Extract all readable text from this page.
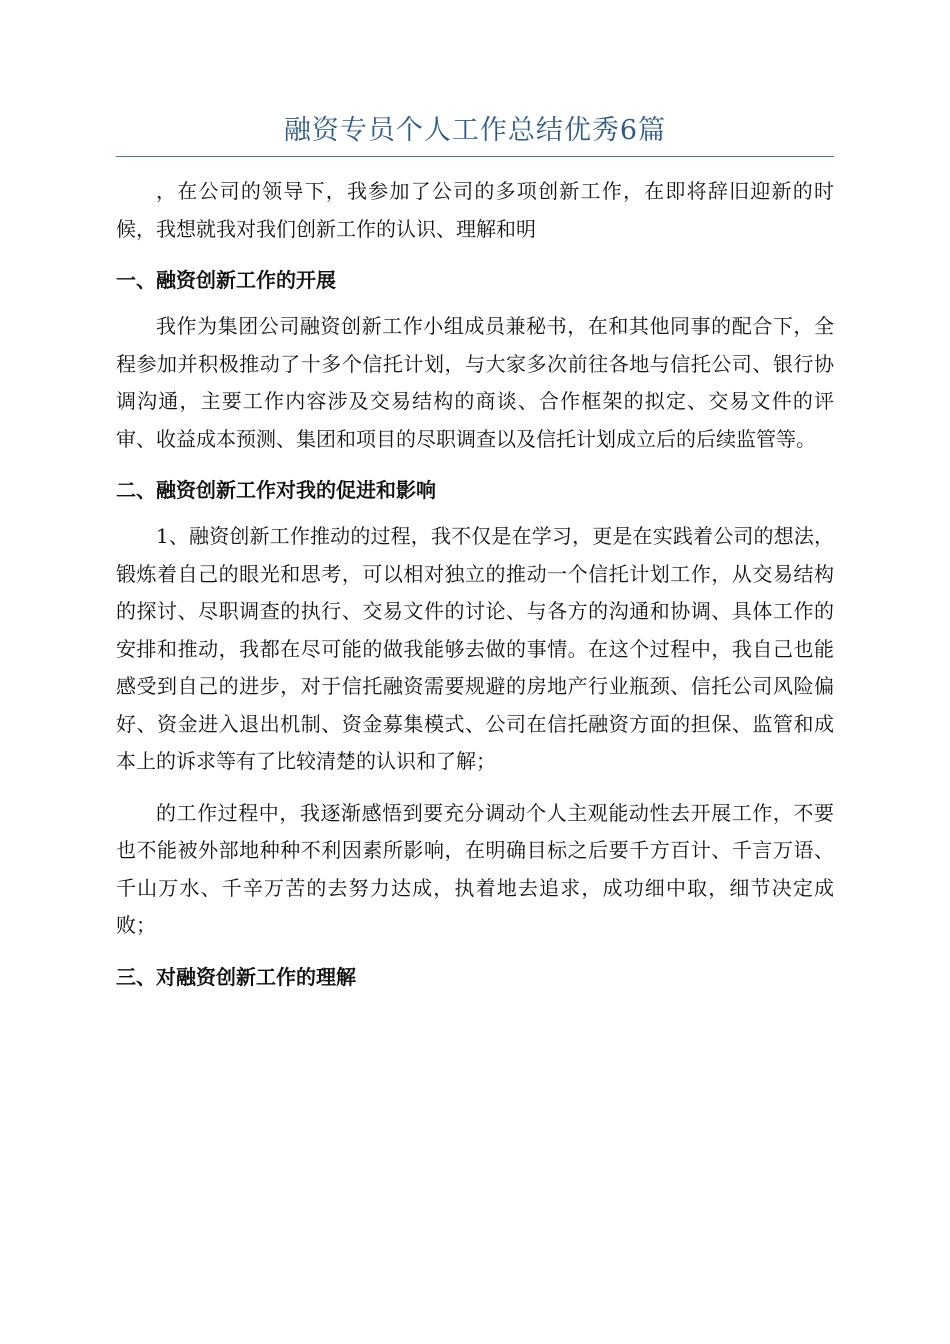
融资专员个人工作总结优秀6篇

，在公司的领导下，我参加了公司的多项创新工作，在即将辞旧迎新的时候，我想就我对我们创新工作的认识、理解和明

一、融资创新工作的开展

我作为集团公司融资创新工作小组成员兼秘书，在和其他同事的配合下，全程参加并积极推动了十多个信托计划，与大家多次前往各地与信托公司、银行协调沟通，主要工作内容涉及交易结构的商谈、合作框架的拟定、交易文件的评审、收益成本预测、集团和项目的尽职调查以及信托计划成立后的后续监管等。

二、融资创新工作对我的促进和影响

1、融资创新工作推动的过程，我不仅是在学习，更是在实践着公司的想法，锻炼着自己的眼光和思考，可以相对独立的推动一个信托计划工作，从交易结构的探讨、尽职调查的执行、交易文件的讨论、与各方的沟通和协调、具体工作的安排和推动，我都在尽可能的做我能够去做的事情。在这个过程中，我自己也能感受到自己的进步，对于信托融资需要规避的房地产行业瓶颈、信托公司风险偏好、资金进入退出机制、资金募集模式、公司在信托融资方面的担保、监管和成本上的诉求等有了比较清楚的认识和了解；

的工作过程中，我逐渐感悟到要充分调动个人主观能动性去开展工作，不要也不能被外部地种种不利因素所影响，在明确目标之后要千方百计、千言万语、千山万水、千辛万苦的去努力达成，执着地去追求，成功细中取，细节决定成败；

三、对融资创新工作的理解
